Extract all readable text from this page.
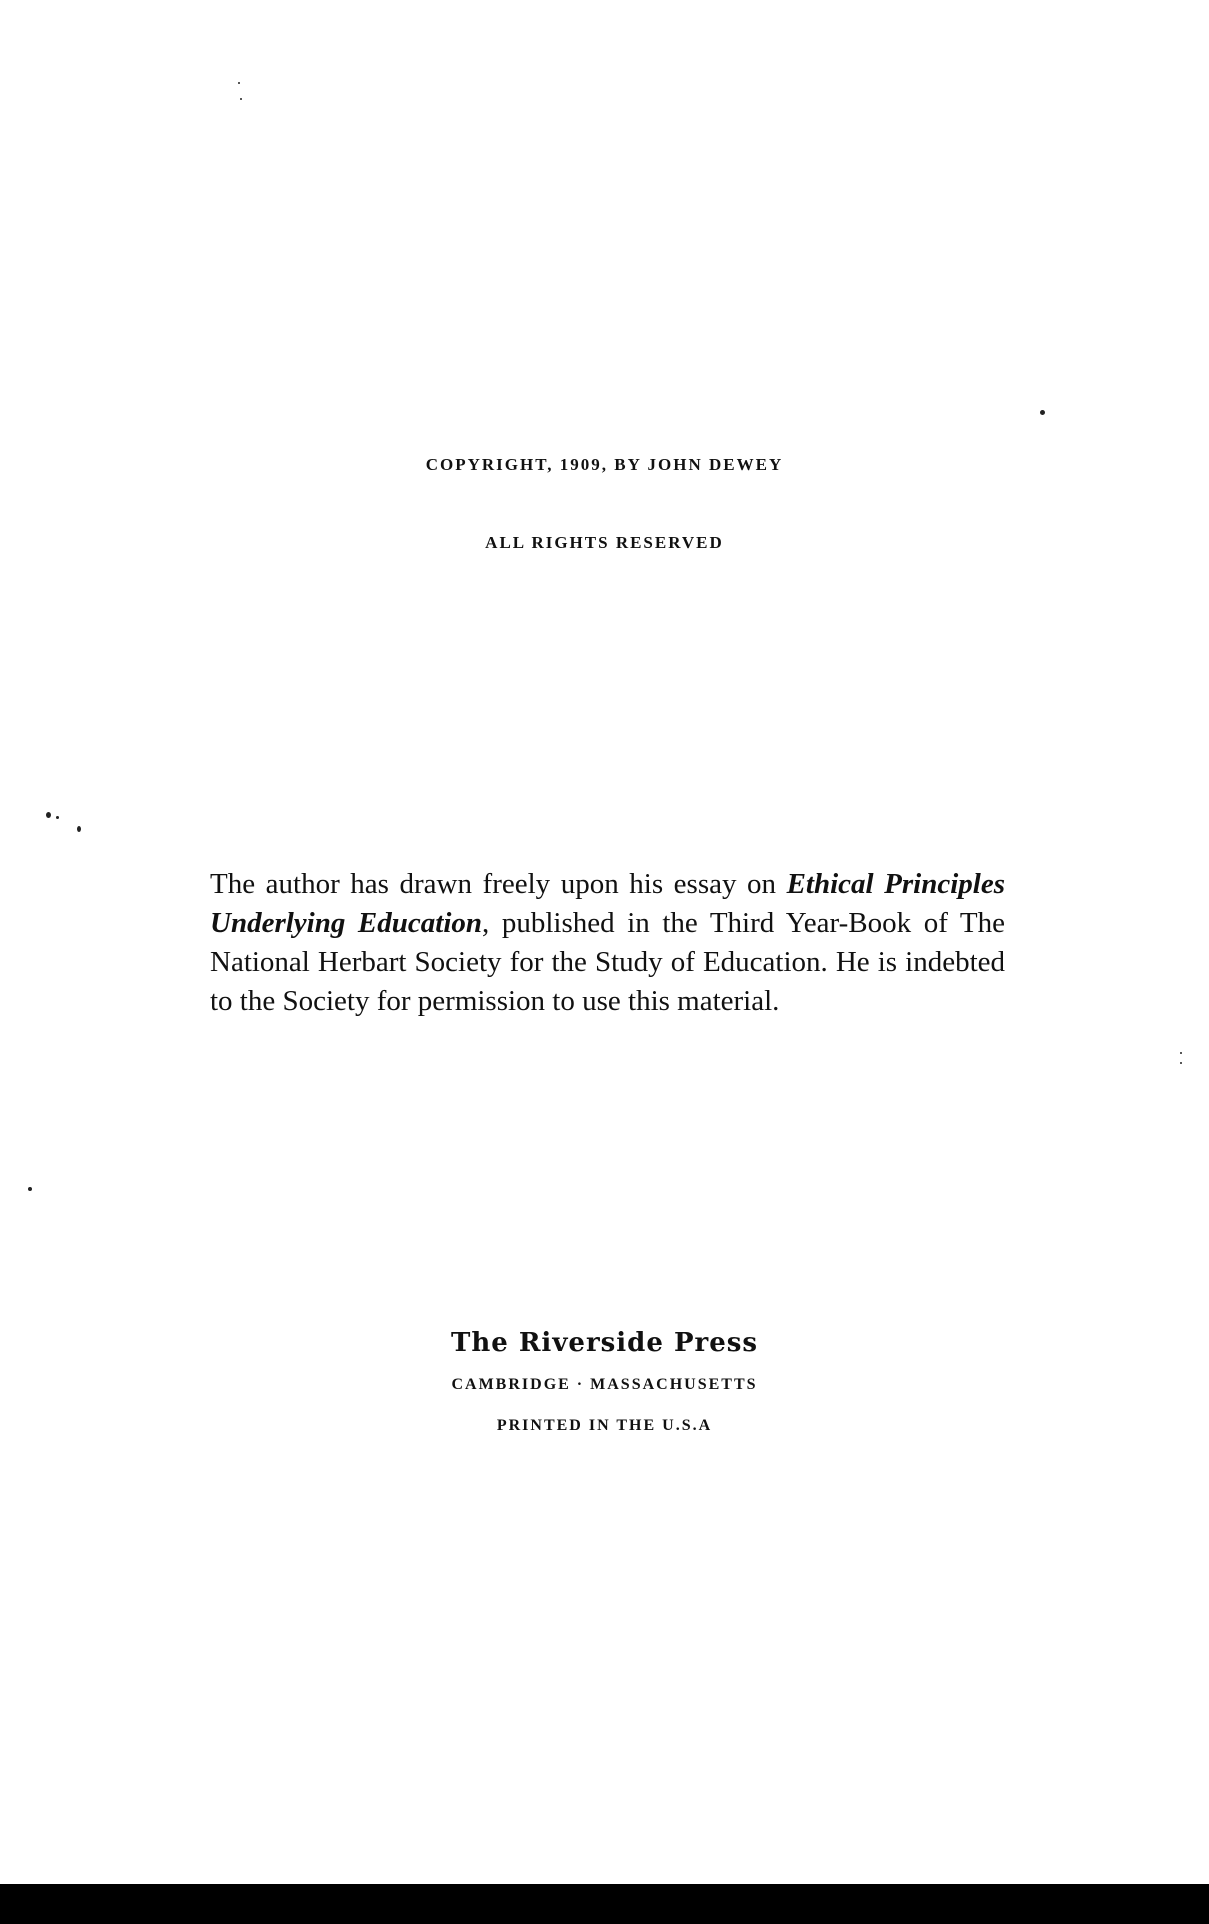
COPYRIGHT, 1909, BY JOHN DEWEY
ALL RIGHTS RESERVED

The author has drawn freely upon his essay on Ethical Principles Underlying Education, published in the Third Year-Book of The National Herbart Society for the Study of Education. He is indebted to the Society for permission to use this material.

The Riverside Press
CAMBRIDGE · MASSACHUSETTS
PRINTED IN THE U.S.A
